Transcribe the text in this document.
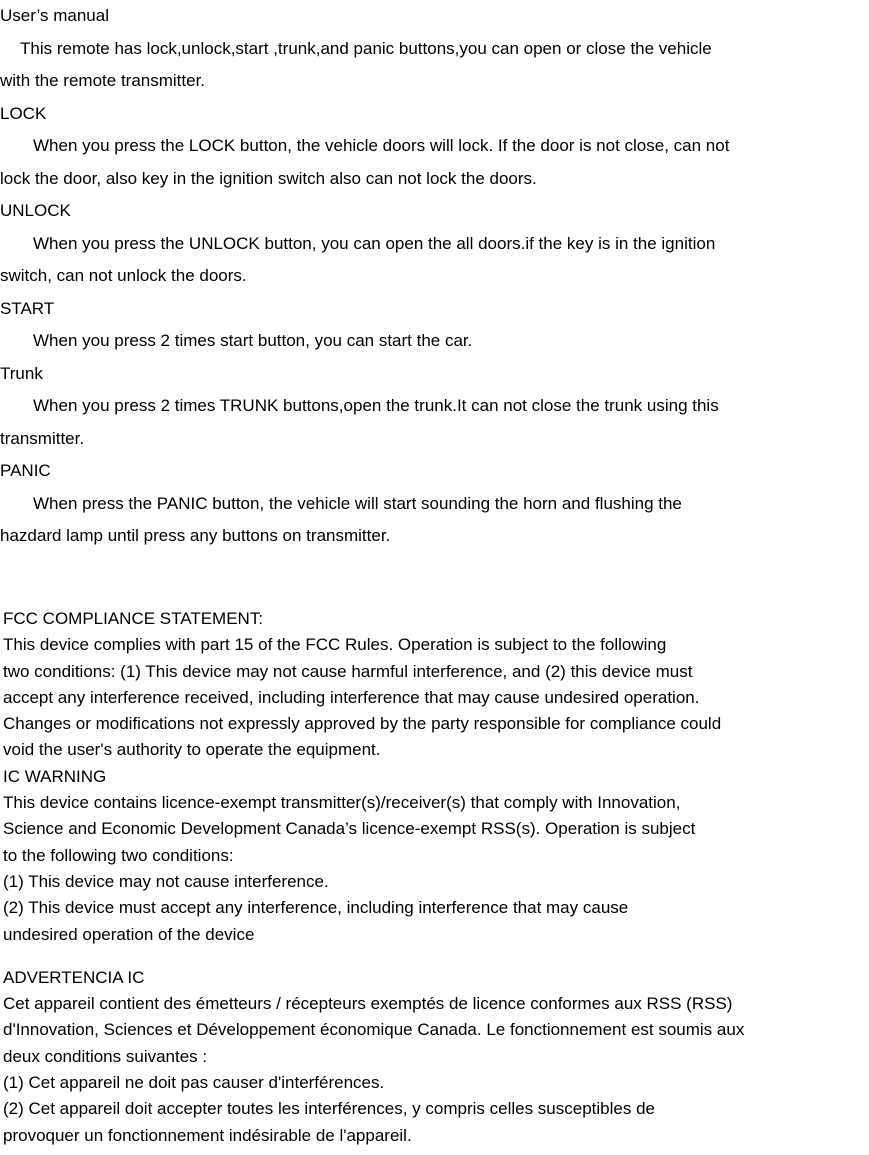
User’s manual
This remote has lock,unlock,start ,trunk,and panic buttons,you can open or close the vehicle
with the remote transmitter.
LOCK
When you press the LOCK button, the vehicle doors will lock. If the door is not close, can not
lock the door, also key in the ignition switch also can not lock the doors.
UNLOCK
When you press the UNLOCK button, you can open the all doors.if the key is in the ignition
switch, can not unlock the doors.
START
When you press 2 times start button, you can start the car.
Trunk
When you press 2 times TRUNK buttons,open the trunk.It can not close the trunk using this
transmitter.
PANIC
When press the PANIC button, the vehicle will start sounding the horn and flushing the
hazdard lamp until press any buttons on transmitter.
FCC COMPLIANCE STATEMENT:
This device complies with part 15 of the FCC Rules. Operation is subject to the following
two conditions: (1) This device may not cause harmful interference, and (2) this device must
accept any interference received, including interference that may cause undesired operation.
Changes or modifications not expressly approved by the party responsible for compliance could
void the user's authority to operate the equipment.
IC WARNING
This device contains licence-exempt transmitter(s)/receiver(s) that comply with Innovation,
Science and Economic Development Canada’s licence-exempt RSS(s). Operation is subject
to the following two conditions:
(1) This device may not cause interference.
(2) This device must accept any interference, including interference that may cause
undesired operation of the device
ADVERTENCIA IC
Cet appareil contient des émetteurs / récepteurs exemptés de licence conformes aux RSS (RSS)
d'Innovation, Sciences et Développement économique Canada. Le fonctionnement est soumis aux
deux conditions suivantes :
(1) Cet appareil ne doit pas causer d'interférences.
(2) Cet appareil doit accepter toutes les interférences, y compris celles susceptibles de
provoquer un fonctionnement indésirable de l'appareil.
